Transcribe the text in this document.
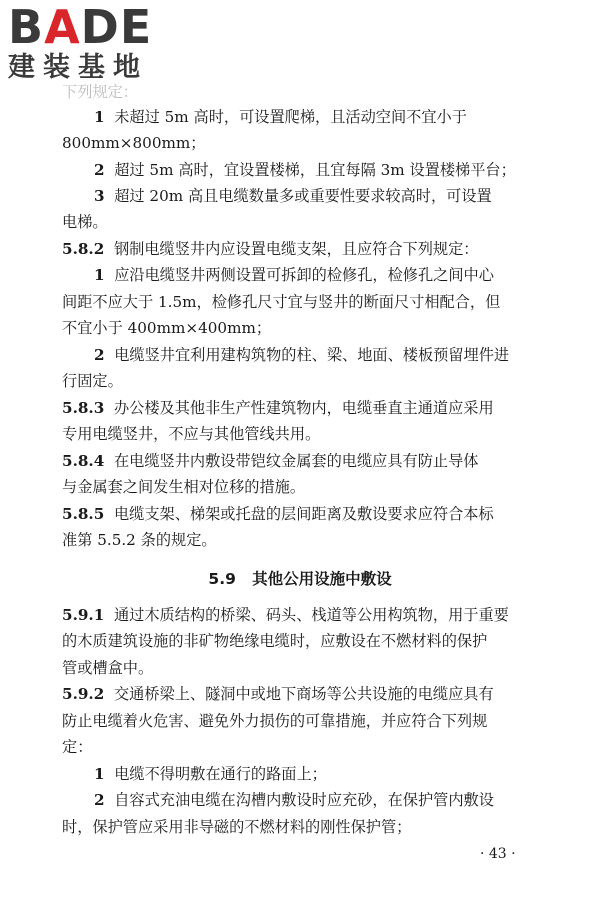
BADE
建装基地
下列规定：
1 未超过 5m 高时，可设置爬梯，且活动空间不宜小于
800mm×800mm；
2 超过 5m 高时，宜设置楼梯，且宜每隔 3m 设置楼梯平台；
3 超过 20m 高且电缆数量多或重要性要求较高时，可设置
电梯。
5.8.2 钢制电缆竖井内应设置电缆支架，且应符合下列规定：
1 应沿电缆竖井两侧设置可拆卸的检修孔，检修孔之间中心
间距不应大于 1.5m，检修孔尺寸宜与竖井的断面尺寸相配合，但
不宜小于 400mm×400mm；
2 电缆竖井宜利用建构筑物的柱、梁、地面、楼板预留埋件进
行固定。
5.8.3 办公楼及其他非生产性建筑物内，电缆垂直主通道应采用
专用电缆竖井，不应与其他管线共用。
5.8.4 在电缆竖井内敷设带铠纹金属套的电缆应具有防止导体
与金属套之间发生相对位移的措施。
5.8.5 电缆支架、梯架或托盘的层间距离及敷设要求应符合本标
准第 5.5.2 条的规定。
5.9 其他公用设施中敷设
5.9.1 通过木质结构的桥梁、码头、栈道等公用构筑物，用于重要
的木质建筑设施的非矿物绝缘电缆时，应敷设在不燃材料的保护
管或槽盒中。
5.9.2 交通桥梁上、隧洞中或地下商场等公共设施的电缆应具有
防止电缆着火危害、避免外力损伤的可靠措施，并应符合下列规
定：
1 电缆不得明敷在通行的路面上；
2 自容式充油电缆在沟槽内敷设时应充砂，在保护管内敷设
时，保护管应采用非导磁的不燃材料的刚性保护管；
· 43 ·
